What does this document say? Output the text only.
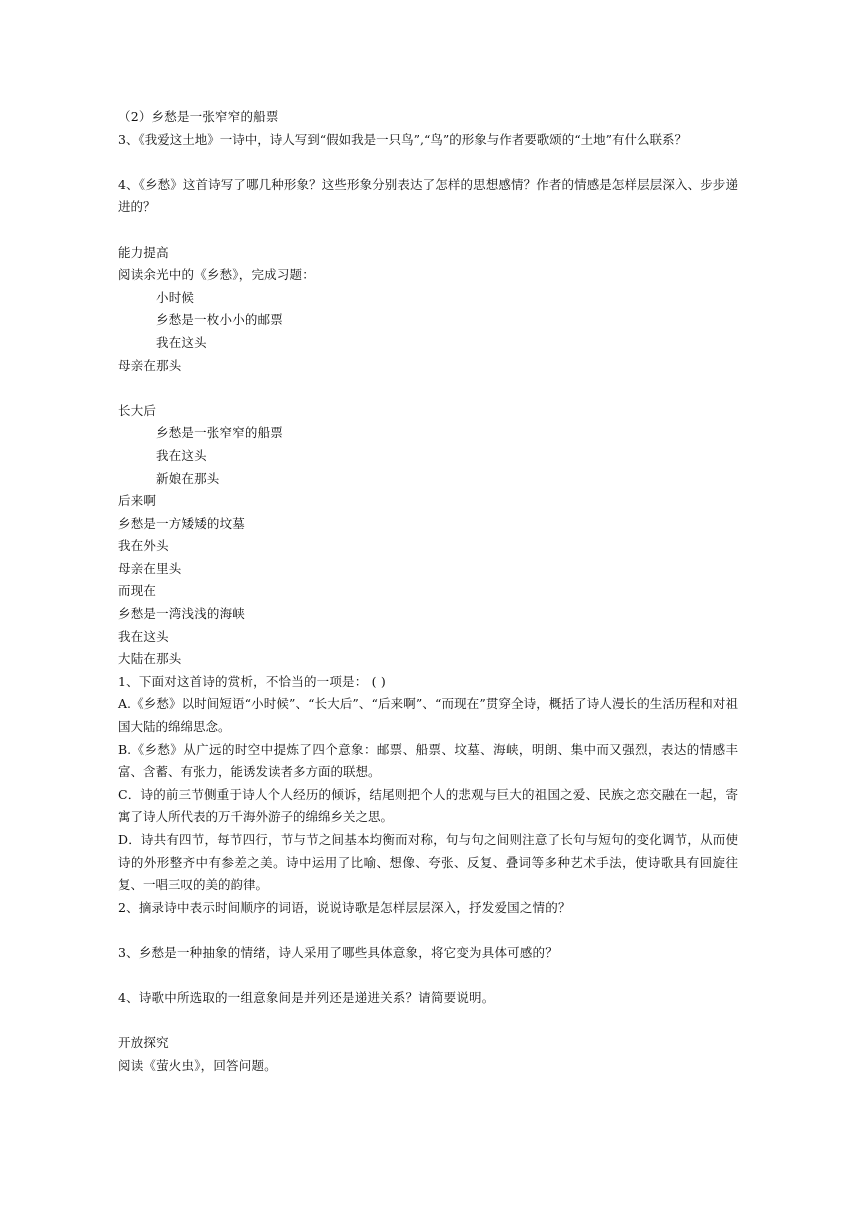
（2）乡愁是一张窄窄的船票
3、《我爱这土地》一诗中，诗人写到“假如我是一只鸟”,“鸟”的形象与作者要歌颂的“土地”有什么联系？
4、《乡愁》这首诗写了哪几种形象？这些形象分别表达了怎样的思想感情？作者的情感是怎样层层深入、步步递进的？
能力提高
阅读余光中的《乡愁》，完成习题：
小时候
乡愁是一枚小小的邮票
我在这头
母亲在那头
长大后
乡愁是一张窄窄的船票
我在这头
新娘在那头
后来啊
乡愁是一方矮矮的坟墓
我在外头
母亲在里头
而现在
乡愁是一湾浅浅的海峡
我在这头
大陆在那头
1、下面对这首诗的赏析，不恰当的一项是： ( )
A.《乡愁》以时间短语“小时候”、“长大后”、“后来啊”、“而现在”贯穿全诗，概括了诗人漫长的生活历程和对祖国大陆的绵绵思念。
B.《乡愁》从广远的时空中提炼了四个意象：邮票、船票、坟墓、海峡，明朗、集中而又强烈，表达的情感丰富、含蓄、有张力，能诱发读者多方面的联想。
C．诗的前三节侧重于诗人个人经历的倾诉，结尾则把个人的悲观与巨大的祖国之爱、民族之恋交融在一起，寄寓了诗人所代表的万千海外游子的绵绵乡关之思。
D．诗共有四节，每节四行，节与节之间基本均衡而对称，句与句之间则注意了长句与短句的变化调节，从而使诗的外形整齐中有参差之美。诗中运用了比喻、想像、夸张、反复、叠词等多种艺术手法，使诗歌具有回旋往复、一唱三叹的美的韵律。
2、摘录诗中表示时间顺序的词语，说说诗歌是怎样层层深入，抒发爱国之情的？
3、乡愁是一种抽象的情绪，诗人采用了哪些具体意象，将它变为具体可感的？
4、诗歌中所选取的一组意象间是并列还是递进关系？请简要说明。
开放探究
阅读《萤火虫》，回答问题。
